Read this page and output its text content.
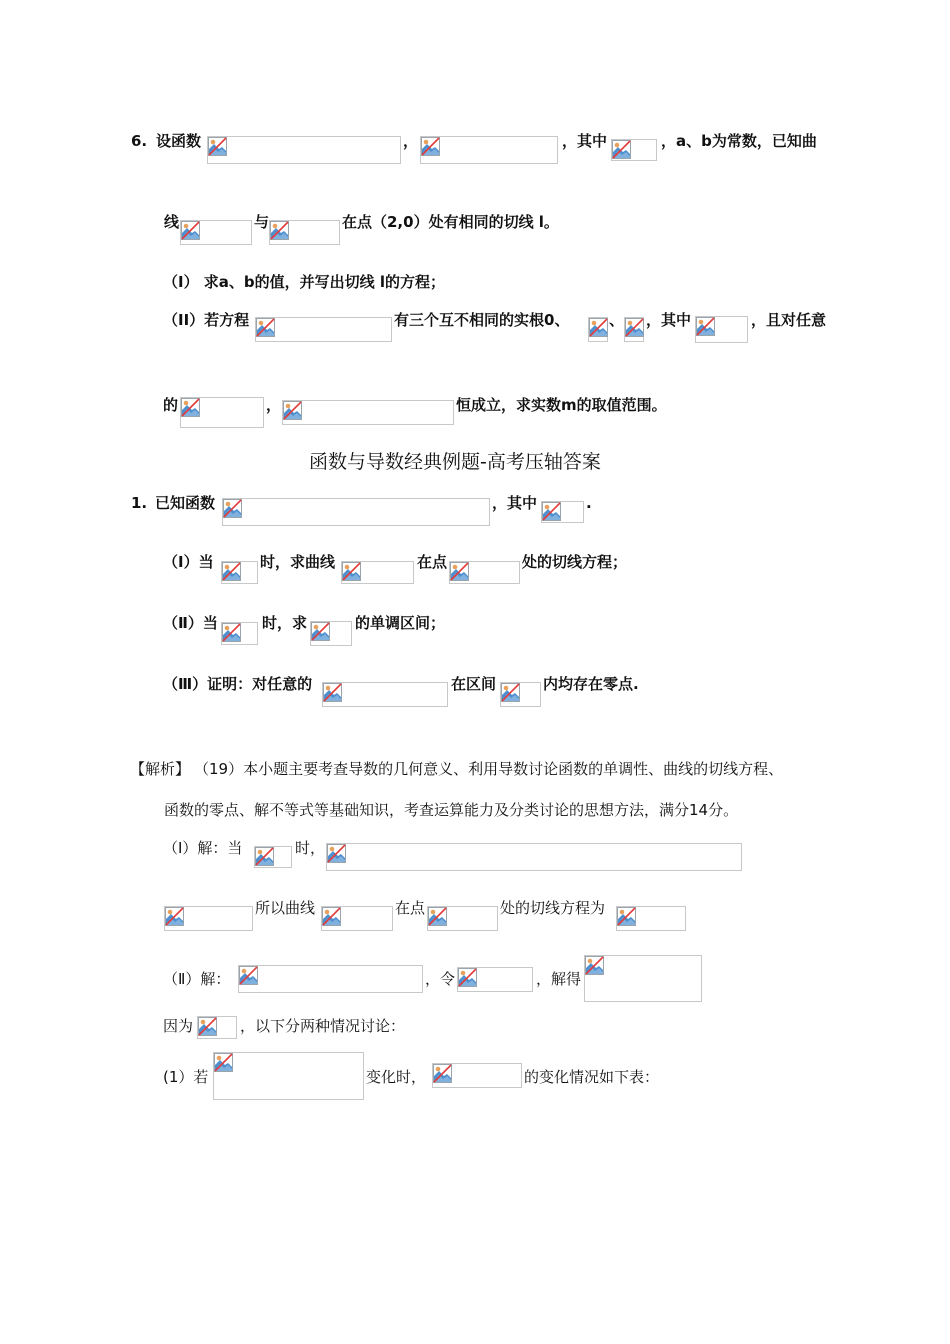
6. 设函数	，	，其中	，a、b为常数，已知曲
线	与	在点（2,0）处有相同的切线 l。
（I） 求a、b的值，并写出切线 l的方程；
（II）若方程	有三个互不相同的实根0、	、 ，其中	，且对任意
的	，	恒成立，求实数m的取值范围。
函数与导数经典例题-高考压轴答案
1. 已知函数	，其中	.
（Ⅰ）当	时，求曲线	在点	处的切线方程；
（Ⅱ）当	时，求	的单调区间；
（Ⅲ）证明：对任意的	在区间	内均存在零点.
【解析】 （19）本小题主要考查导数的几何意义、利用导数讨论函数的单调性、曲线的切线方程、
函数的零点、解不等式等基础知识，考查运算能力及分类讨论的思想方法，满分14分。
（Ⅰ）解：当	时，
所以曲线	在点	处的切线方程为
（Ⅱ）解：	，令	，解得
因为	，以下分两种情况讨论：
(1）若	变化时，	的变化情况如下表：
